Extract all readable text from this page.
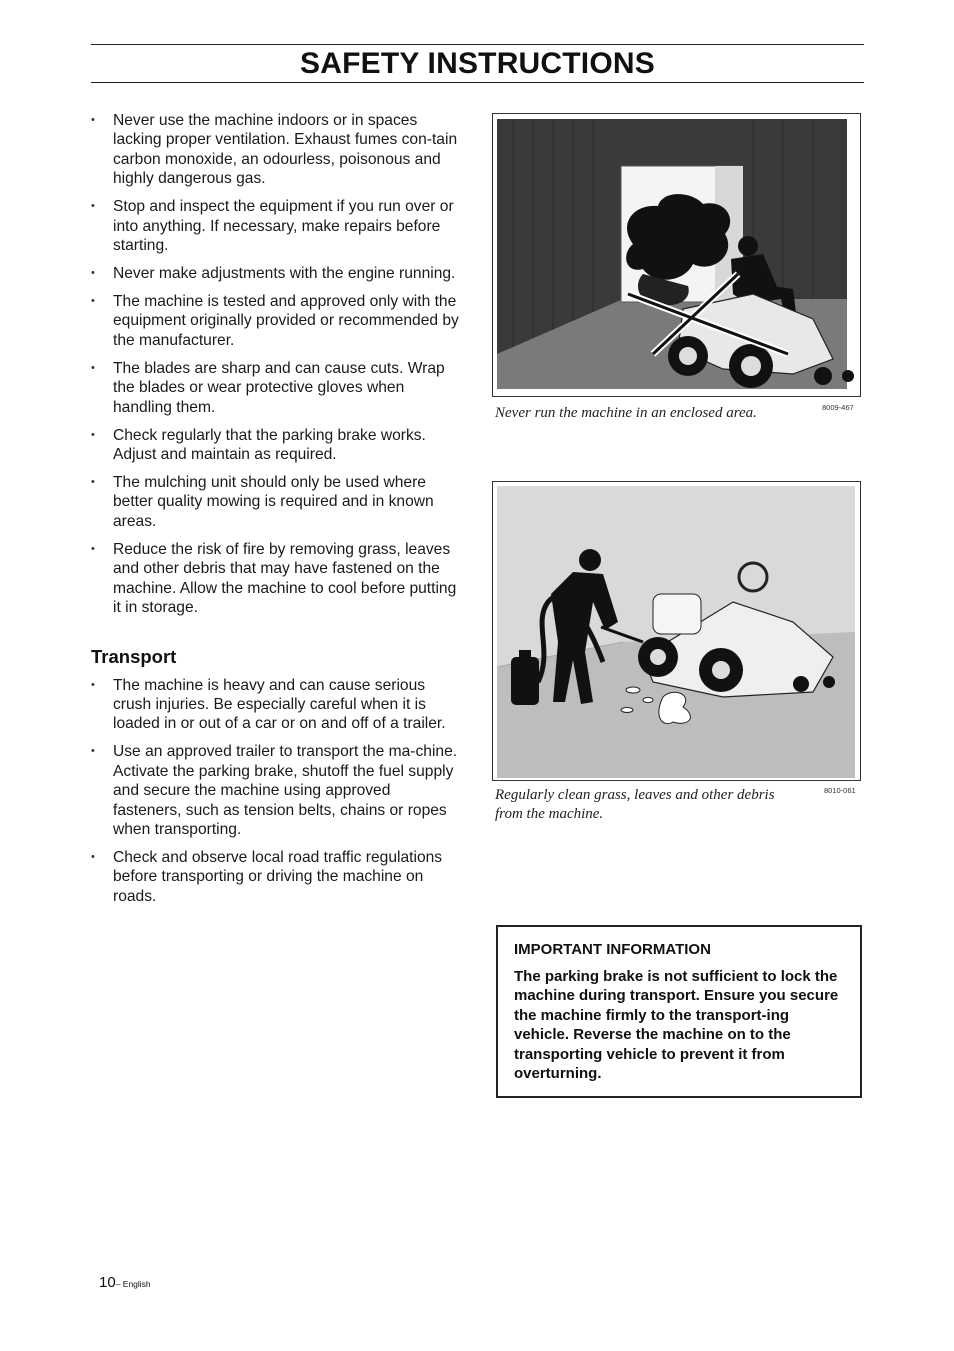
SAFETY INSTRUCTIONS
• Never use the machine indoors or in spaces lacking proper ventilation. Exhaust fumes con-tain carbon monoxide, an odourless, poisonous and highly dangerous gas.
• Stop and inspect the equipment if you run over or into anything. If necessary, make repairs before starting.
• Never make adjustments with the engine running.
• The machine is tested and approved only with the equipment originally provided or recommended by the manufacturer.
• The blades are sharp and can cause cuts. Wrap the blades or wear protective gloves when handling them.
• Check regularly that the parking brake works. Adjust and maintain as required.
• The mulching unit should only be used where better quality mowing is required and in known areas.
• Reduce the risk of fire by removing grass, leaves and other debris that may have fastened on the machine. Allow the machine to cool before putting it in storage.
Transport
• The machine is heavy and can cause serious crush injuries. Be especially careful when it is loaded in or out of a car or on and off of a trailer.
• Use an approved trailer to transport the ma-chine. Activate the parking brake, shutoff the fuel supply and secure the machine using approved fasteners, such as tension belts, chains or ropes when transporting.
• Check and observe local road traffic regulations before transporting or driving the machine on roads.
Never run the machine in an enclosed area.	8009-467
Regularly clean grass, leaves and other debris from the machine.
8010-061
IMPORTANT INFORMATION
The parking brake is not sufficient to lock the machine during transport. Ensure you secure the machine firmly to the transport-ing vehicle. Reverse the machine on to the transporting vehicle to prevent it from overturning.
10– English
